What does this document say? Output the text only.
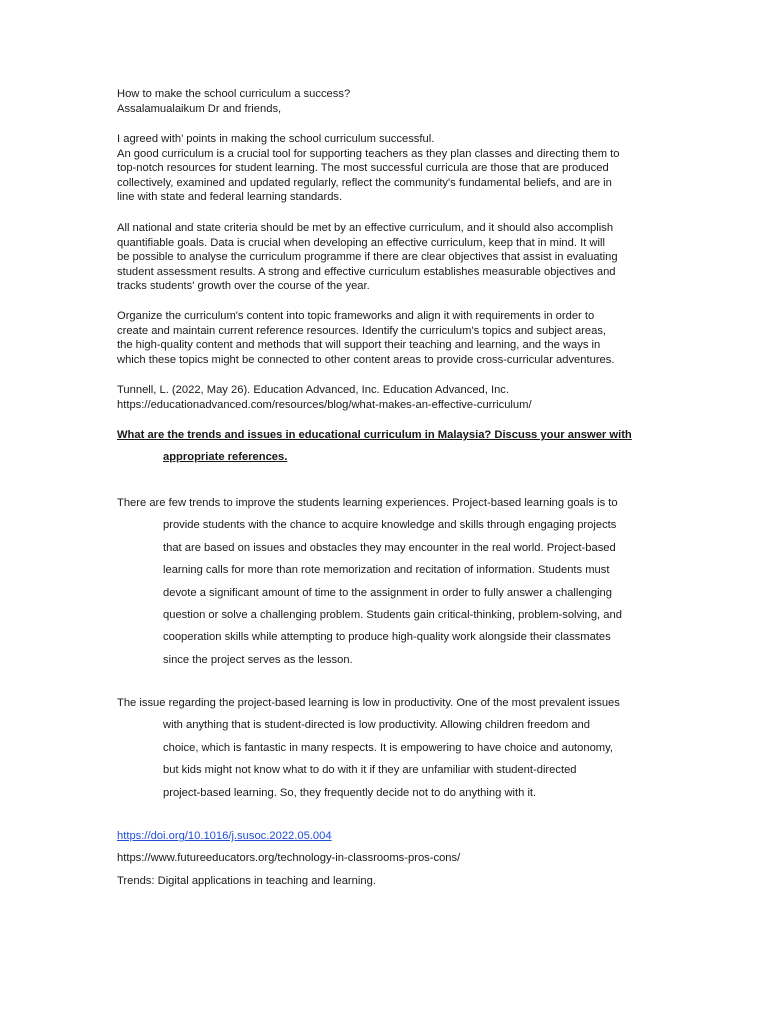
How to make the school curriculum a success?
Assalamualaikum Dr and friends,
I agreed with’ points in making the school curriculum successful.
An good curriculum is a crucial tool for supporting teachers as they plan classes and directing them to
top-notch resources for student learning. The most successful curricula are those that are produced
collectively, examined and updated regularly, reflect the community's fundamental beliefs, and are in
line with state and federal learning standards.
All national and state criteria should be met by an effective curriculum, and it should also accomplish
quantifiable goals. Data is crucial when developing an effective curriculum, keep that in mind. It will
be possible to analyse the curriculum programme if there are clear objectives that assist in evaluating
student assessment results. A strong and effective curriculum establishes measurable objectives and
tracks students' growth over the course of the year.
Organize the curriculum's content into topic frameworks and align it with requirements in order to
create and maintain current reference resources. Identify the curriculum's topics and subject areas,
the high-quality content and methods that will support their teaching and learning, and the ways in
which these topics might be connected to other content areas to provide cross-curricular adventures.
Tunnell, L. (2022, May 26). Education Advanced, Inc. Education Advanced, Inc.
https://educationadvanced.com/resources/blog/what-makes-an-effective-curriculum/
What are the trends and issues in educational curriculum in Malaysia? Discuss your answer with
appropriate references.
There are few trends to improve the students learning experiences. Project-based learning goals is to
provide students with the chance to acquire knowledge and skills through engaging projects
that are based on issues and obstacles they may encounter in the real world. Project-based
learning calls for more than rote memorization and recitation of information. Students must
devote a significant amount of time to the assignment in order to fully answer a challenging
question or solve a challenging problem. Students gain critical-thinking, problem-solving, and
cooperation skills while attempting to produce high-quality work alongside their classmates
since the project serves as the lesson.
The issue regarding the project-based learning is low in productivity. One of the most prevalent issues
with anything that is student-directed is low productivity. Allowing children freedom and
choice, which is fantastic in many respects. It is empowering to have choice and autonomy,
but kids might not know what to do with it if they are unfamiliar with student-directed
project-based learning. So, they frequently decide not to do anything with it.
https://doi.org/10.1016/j.susoc.2022.05.004
https://www.futureeducators.org/technology-in-classrooms-pros-cons/
Trends: Digital applications in teaching and learning.
